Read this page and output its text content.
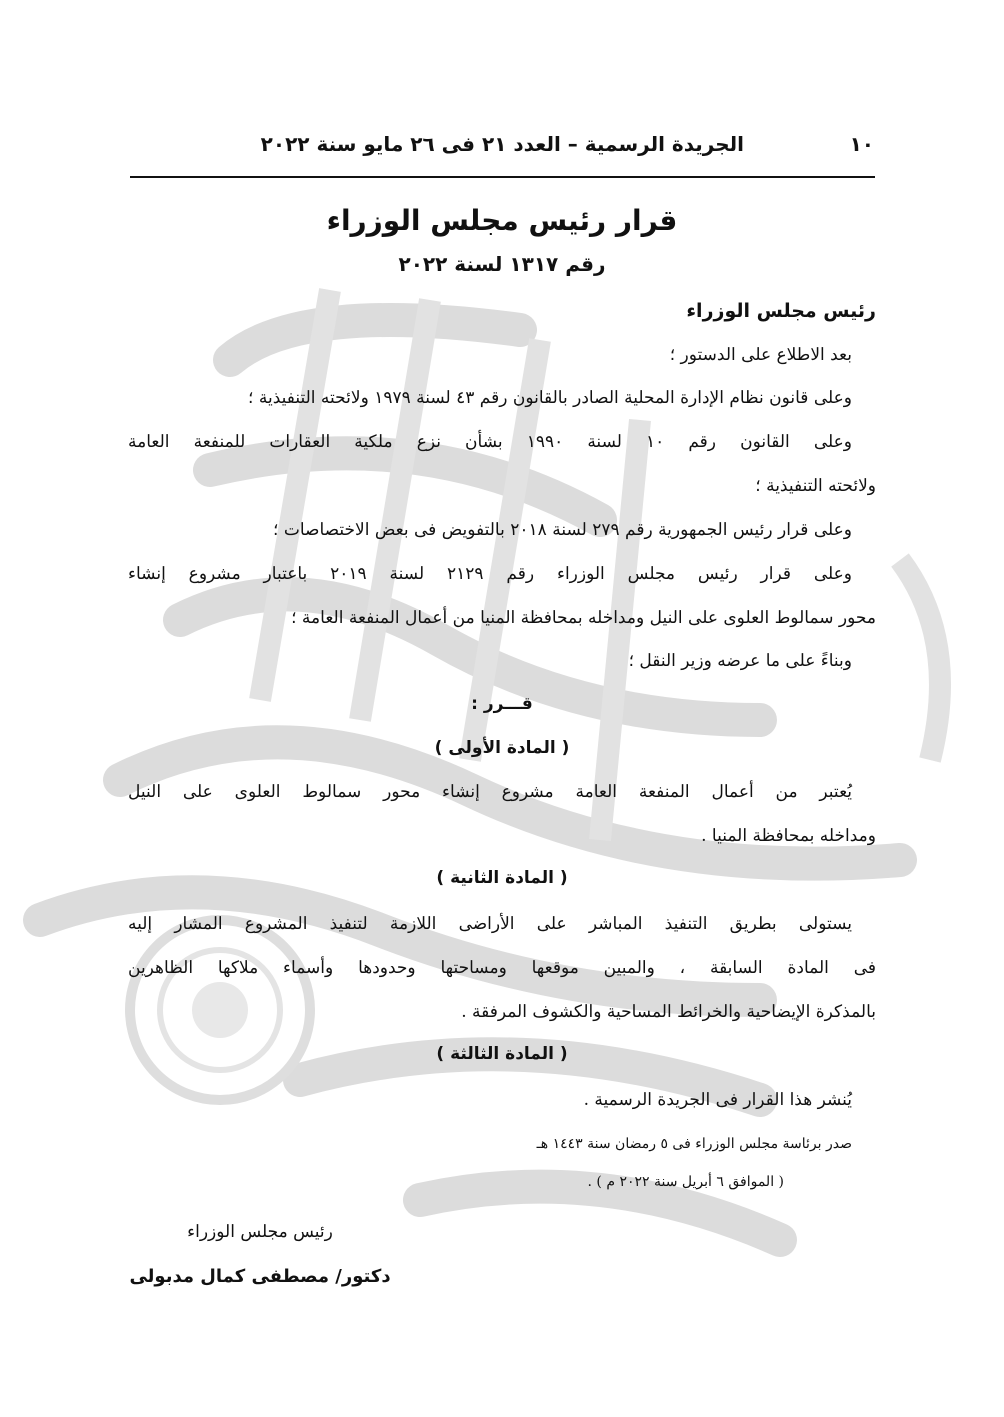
١٠
الجريدة الرسمية – العدد ٢١ فى ٢٦ مايو سنة ٢٠٢٢
قرار رئيس مجلس الوزراء
رقم ١٣١٧ لسنة ٢٠٢٢
رئيس مجلس الوزراء
بعد الاطلاع على الدستور ؛
وعلى قانون نظام الإدارة المحلية الصادر بالقانون رقم ٤٣ لسنة ١٩٧٩ ولائحته التنفيذية ؛
وعلى القانون رقم ١٠ لسنة ١٩٩٠ بشأن نزع ملكية العقارات للمنفعة العامة
ولائحته التنفيذية ؛
وعلى قرار رئيس الجمهورية رقم ٢٧٩ لسنة ٢٠١٨ بالتفويض فى بعض الاختصاصات ؛
وعلى قرار رئيس مجلس الوزراء رقم ٢١٢٩ لسنة ٢٠١٩ باعتبار مشروع إنشاء
محور سمالوط العلوى على النيل ومداخله بمحافظة المنيا من أعمال المنفعة العامة ؛
وبناءً على ما عرضه وزير النقل ؛
قـــرر :
( المادة الأولى )
يُعتبر من أعمال المنفعة العامة مشروع إنشاء محور سمالوط العلوى على النيل
ومداخله بمحافظة المنيا .
( المادة الثانية )
يستولى بطريق التنفيذ المباشر على الأراضى اللازمة لتنفيذ المشروع المشار إليه
فى المادة السابقة ، والمبين موقعها ومساحتها وحدودها وأسماء ملاكها الظاهرين
بالمذكرة الإيضاحية والخرائط المساحية والكشوف المرفقة .
( المادة الثالثة )
يُنشر هذا القرار فى الجريدة الرسمية .
صدر برئاسة مجلس الوزراء فى ٥ رمضان سنة ١٤٤٣ هـ
( الموافق ٦ أبريل سنة ٢٠٢٢ م ) .
رئيس مجلس الوزراء
دكتور/ مصطفى كمال مدبولى
